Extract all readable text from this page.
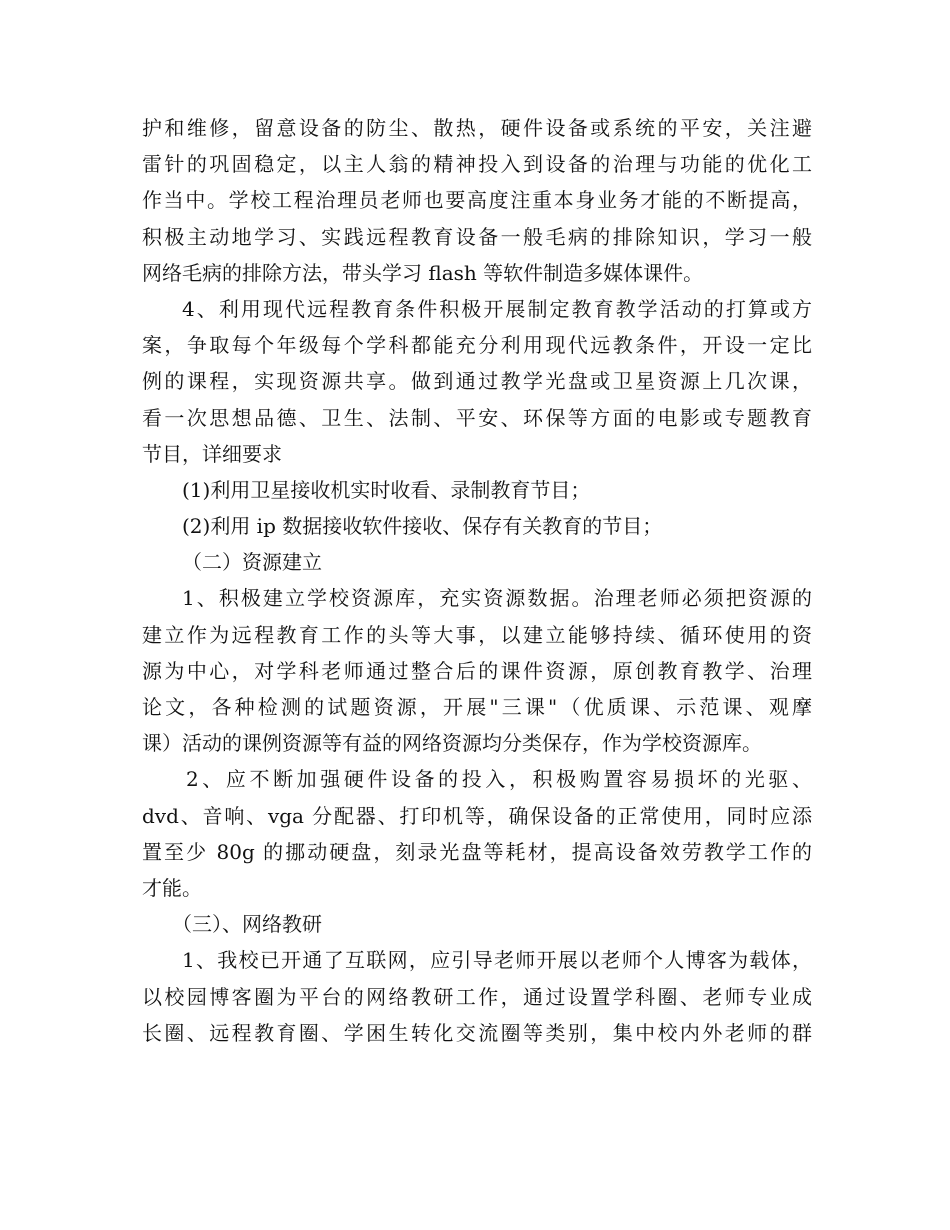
护和维修，留意设备的防尘、散热，硬件设备或系统的平安，关注避
雷针的巩固稳定，以主人翁的精神投入到设备的治理与功能的优化工
作当中。学校工程治理员老师也要高度注重本身业务才能的不断提高，
积极主动地学习、实践远程教育设备一般毛病的排除知识，学习一般
网络毛病的排除方法，带头学习 flash 等软件制造多媒体课件。
4、利用现代远程教育条件积极开展制定教育教学活动的打算或方
案，争取每个年级每个学科都能充分利用现代远教条件，开设一定比
例的课程，实现资源共享。做到通过教学光盘或卫星资源上几次课，
看一次思想品德、卫生、法制、平安、环保等方面的电影或专题教育
节目，详细要求
(1)利用卫星接收机实时收看、录制教育节目；
(2)利用 ip 数据接收软件接收、保存有关教育的节目；
（二）资源建立
1、积极建立学校资源库，充实资源数据。治理老师必须把资源的
建立作为远程教育工作的头等大事，以建立能够持续、循环使用的资
源为中心，对学科老师通过整合后的课件资源，原创教育教学、治理
论文，各种检测的试题资源，开展"三课"（优质课、示范课、观摩
课）活动的课例资源等有益的网络资源均分类保存，作为学校资源库。
2、应不断加强硬件设备的投入，积极购置容易损坏的光驱、
dvd、音响、vga 分配器、打印机等，确保设备的正常使用，同时应添
置至少 80g 的挪动硬盘，刻录光盘等耗材，提高设备效劳教学工作的
才能。
（三）、网络教研
1、我校已开通了互联网，应引导老师开展以老师个人博客为载体，
以校园博客圈为平台的网络教研工作，通过设置学科圈、老师专业成
长圈、远程教育圈、学困生转化交流圈等类别，集中校内外老师的群
